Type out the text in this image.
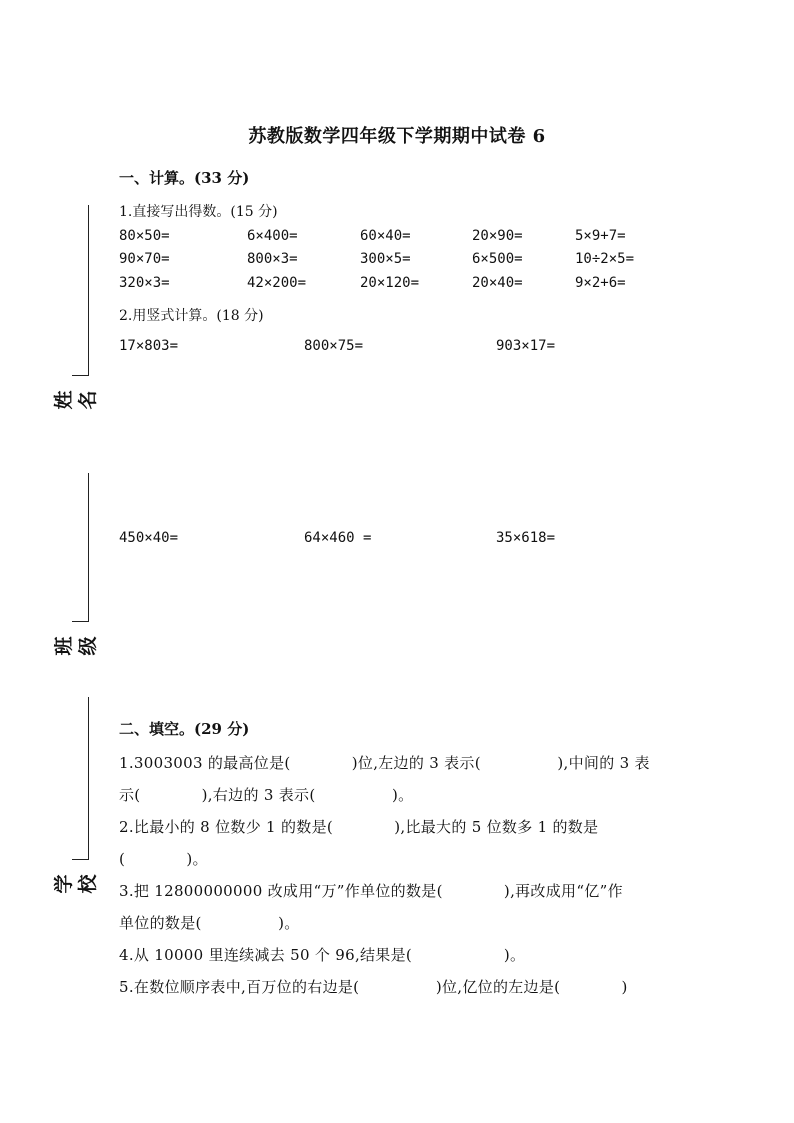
苏教版数学四年级下学期期中试卷 6
一、计算。(33 分)
1.直接写出得数。(15 分)
80×50=	6×400=	60×40=	20×90=	5×9+7=
90×70=	800×3=	300×5=	6×500=	10÷2×5=
320×3=	42×200=	20×120=	20×40=	9×2+6=
2.用竖式计算。(18 分)
17×803=	800×75=	903×17=
450×40=	64×460 =	35×618=
二、填空。(29 分)
1.3003003 的最高位是(　　　　)位,左边的 3 表示(　　　　　),中间的 3 表
示(　　　　),右边的 3 表示(　　　　　)。
2.比最小的 8 位数少 1 的数是(　　　　),比最大的 5 位数多 1 的数是
(　　　　)。
3.把 12800000000 改成用“万”作单位的数是(　　　　),再改成用“亿”作
单位的数是(　　　　　)。
4.从 10000 里连续减去 50 个 96,结果是(　　　　　　)。
5.在数位顺序表中,百万位的右边是(　　　　　)位,亿位的左边是(　　　　)
姓名
班级
学校
